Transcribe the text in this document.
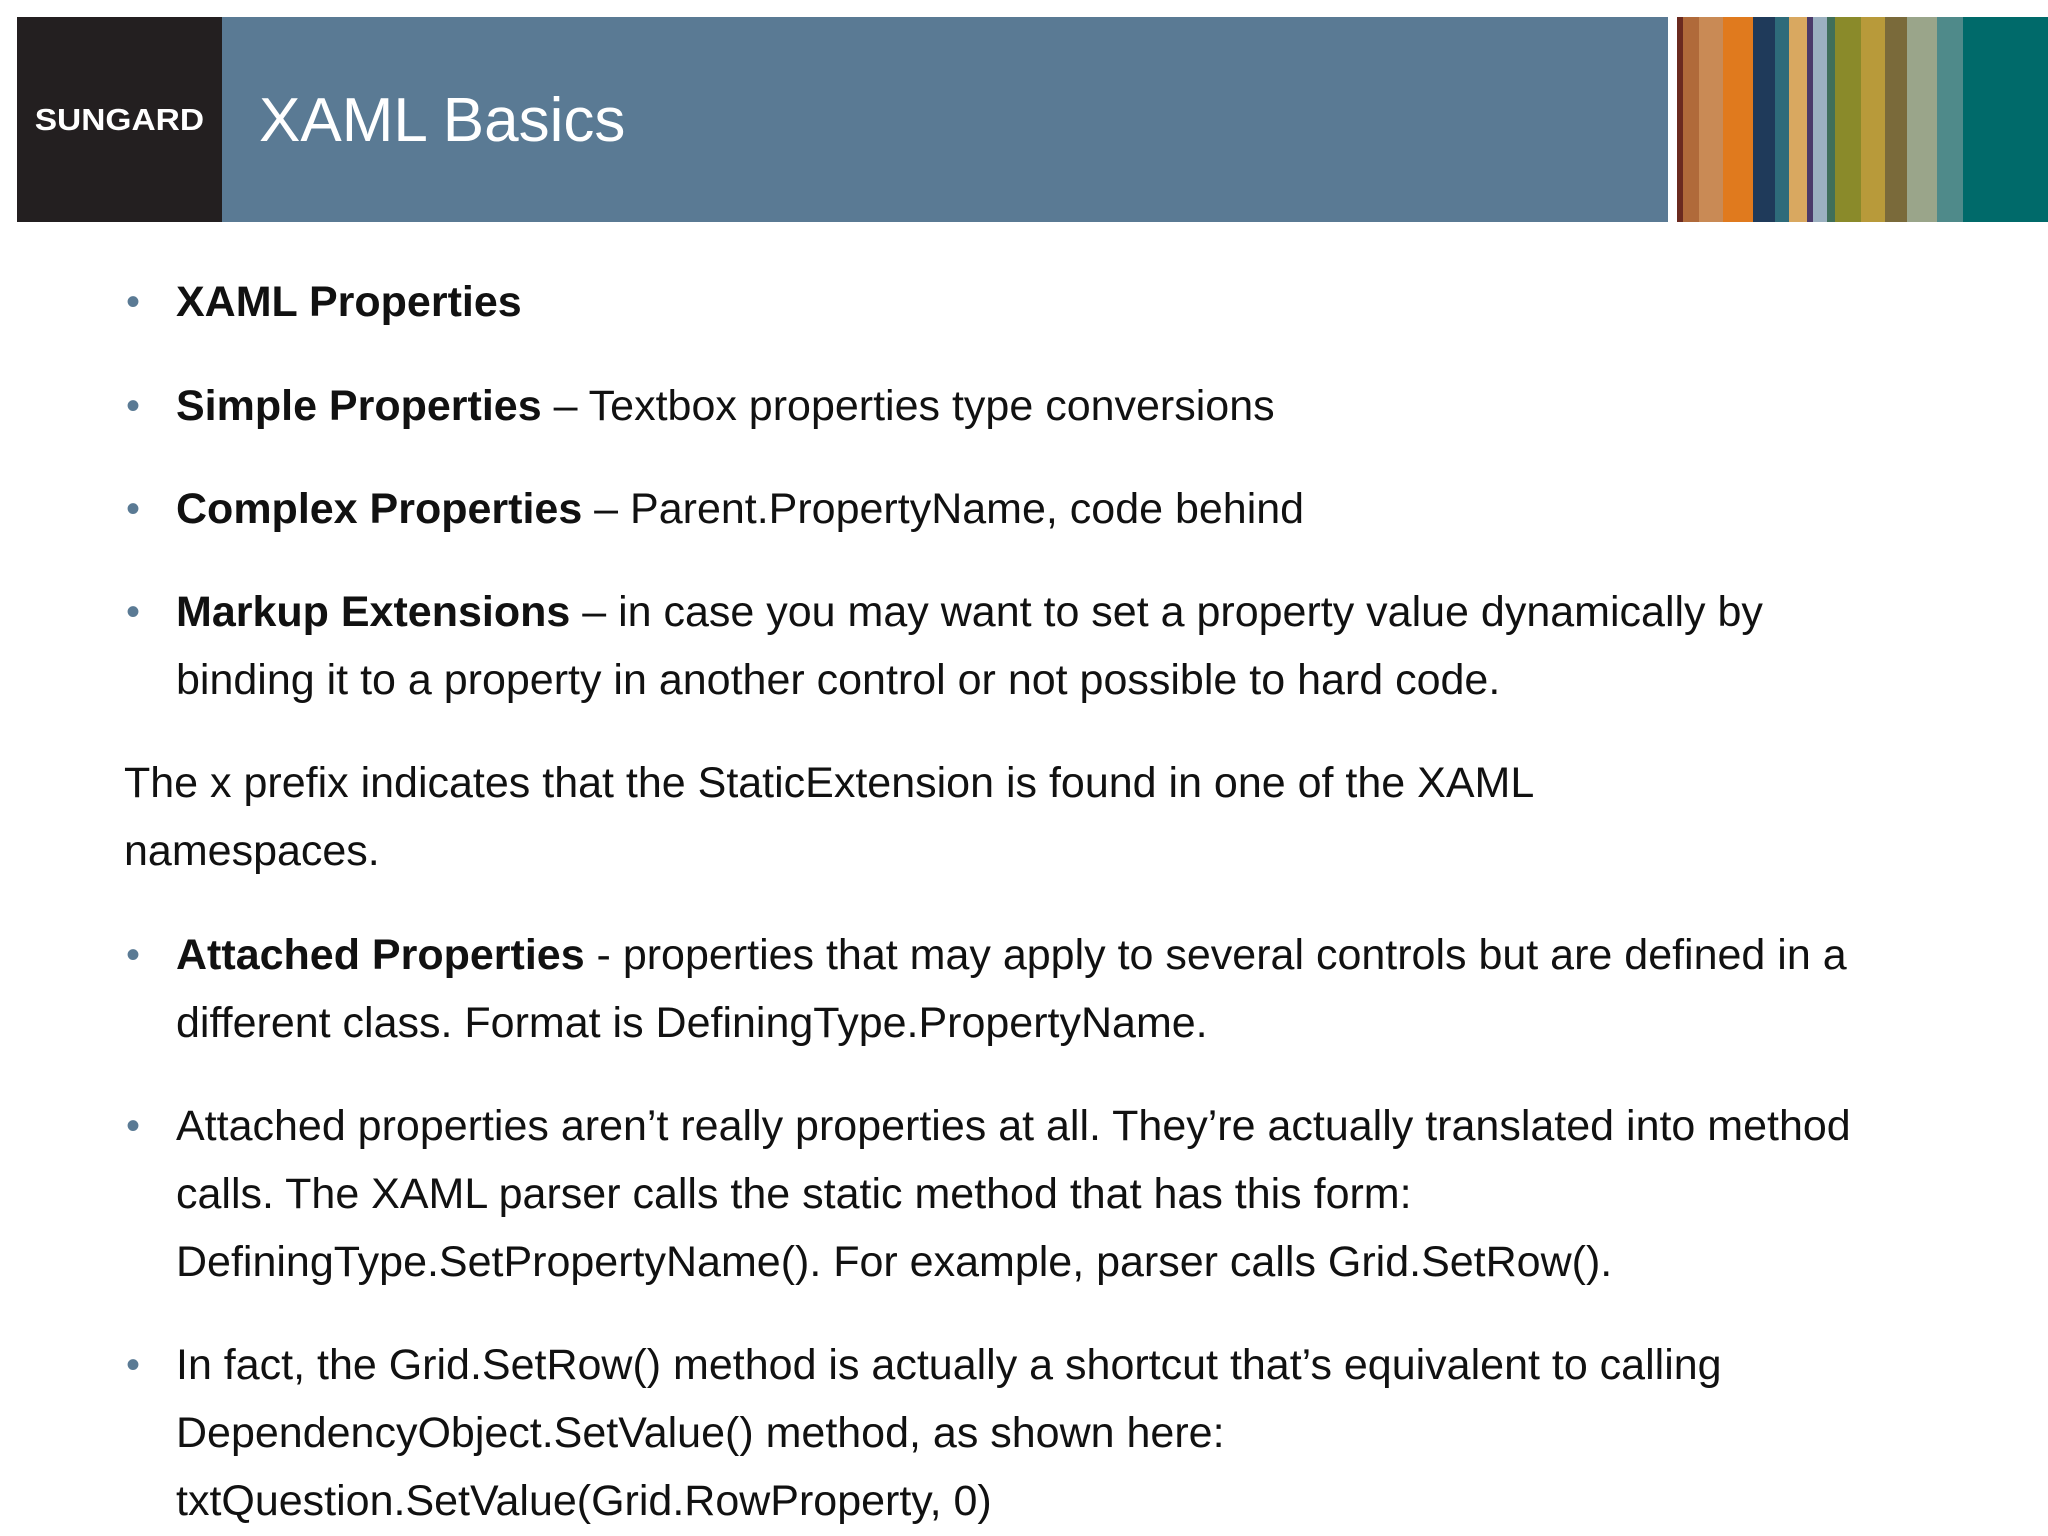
SUNGARD XAML Basics
• XAML Properties
• Simple Properties – Textbox properties type conversions
• Complex Properties – Parent.PropertyName, code behind
• Markup Extensions – in case you may want to set a property value dynamically by
binding it to a property in another control or not possible to hard code.
The x prefix indicates that the StaticExtension is found in one of the XAML
namespaces.
• Attached Properties - properties that may apply to several controls but are defined in a
different class. Format is DefiningType.PropertyName.
• Attached properties aren’t really properties at all. They’re actually translated into method
calls. The XAML parser calls the static method that has this form:
DefiningType.SetPropertyName(). For example, parser calls Grid.SetRow().
• In fact, the Grid.SetRow() method is actually a shortcut that’s equivalent to calling
DependencyObject.SetValue() method, as shown here:
txtQuestion.SetValue(Grid.RowProperty, 0)
